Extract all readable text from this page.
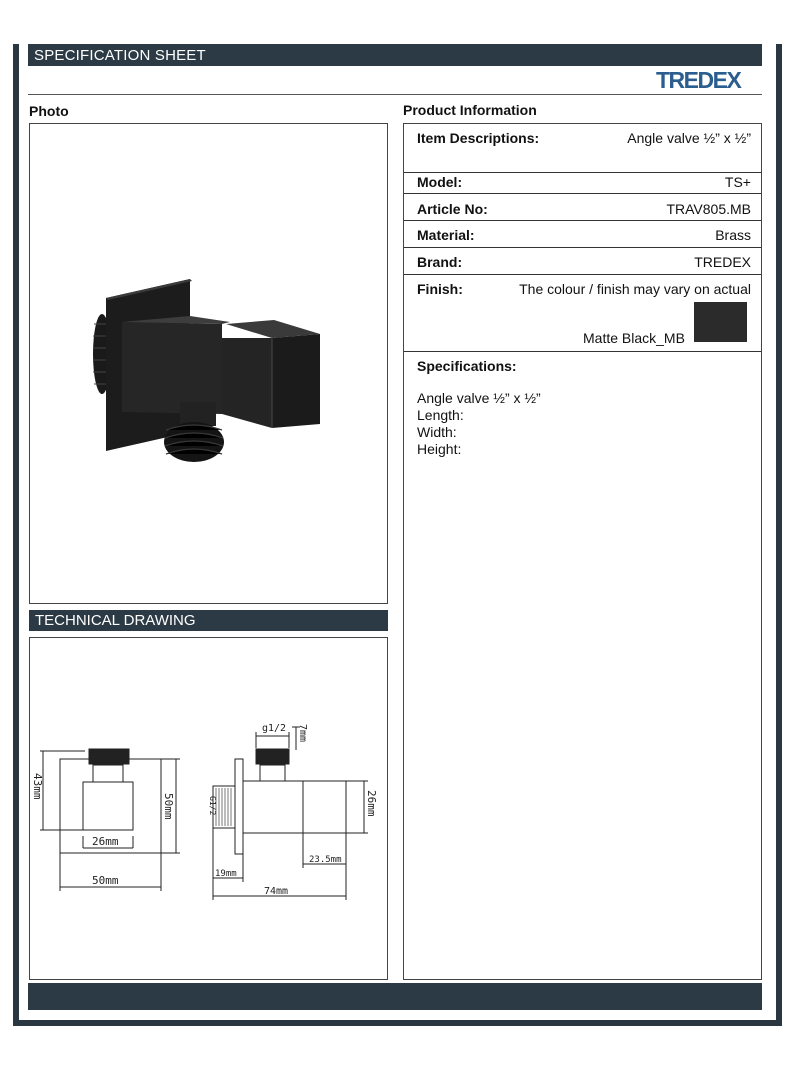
SPECIFICATION SHEET
TREDEX
Photo	Product Information
TECHNICAL DRAWING
43mm
50mm
26mm
50mm
g1/2 7mm
G1/2	26mm
23.5mm
19mm
74mm
Item Descriptions:	Angle valve ½” x ½”
Model:	TS+
Article No:	TRAV805.MB
Material:	Brass
Brand:	TREDEX
Finish:	The colour / finish may vary on actual
Matte Black_MB
Specifications:
Angle valve ½” x ½”
Length:
Width:
Height:
